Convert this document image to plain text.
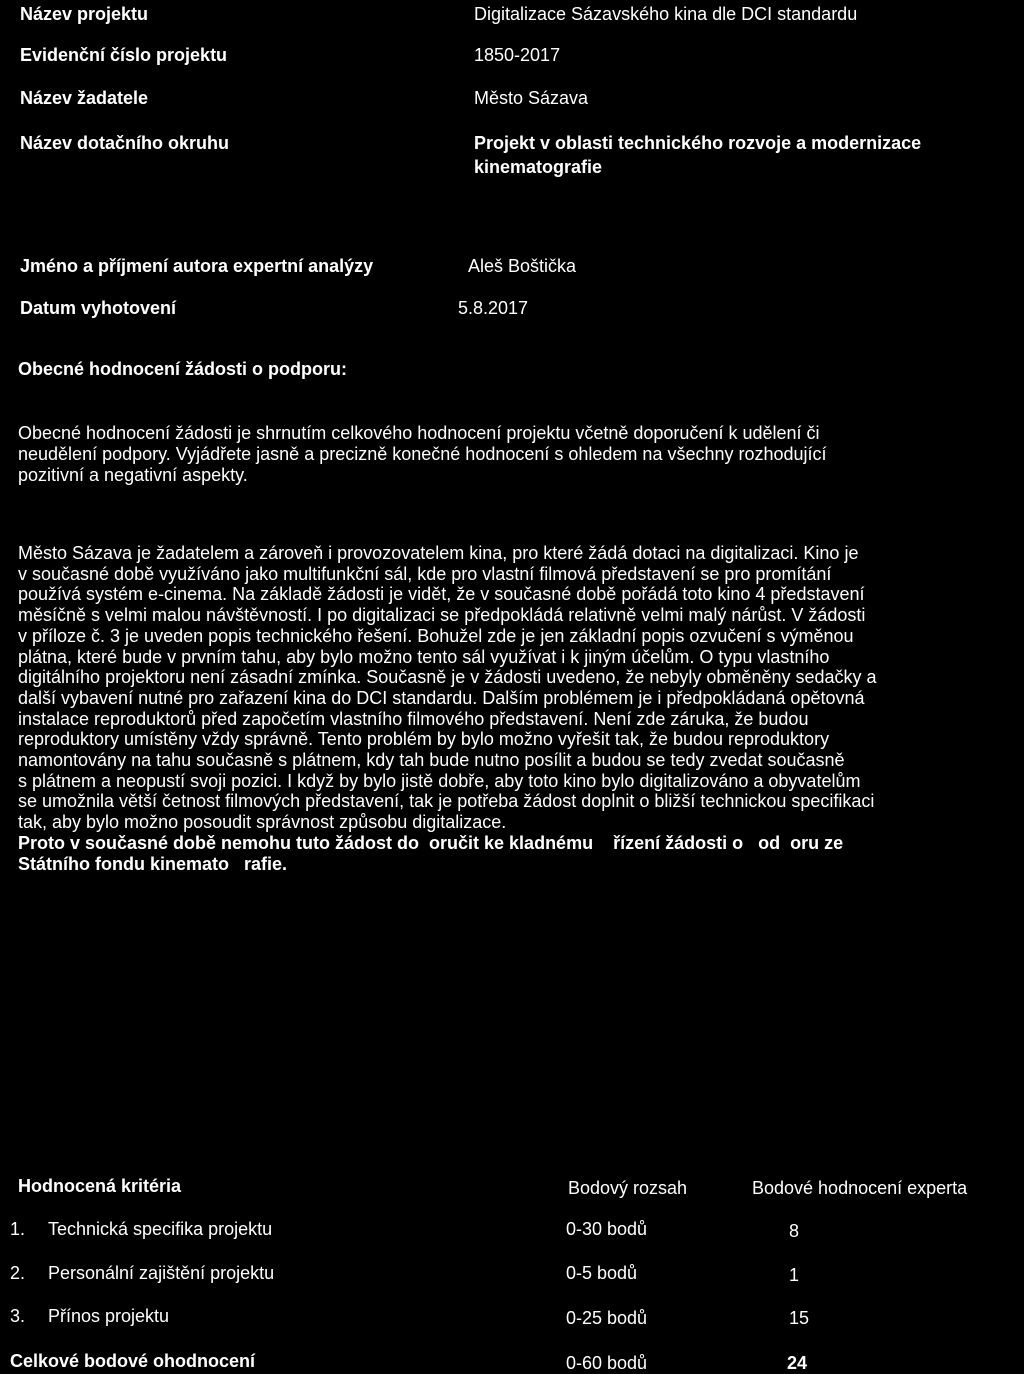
Název projektu	Digitalizace Sázavského kina dle DCI standardu
Evidenční číslo projektu	1850-2017
Název žadatele	Město Sázava
Název dotačního okruhu	Projekt v oblasti technického rozvoje a modernizace
kinematografie
Jméno a příjmení autora expertní analýzy	Aleš Boštička
Datum vyhotovení	5.8.2017
Obecné hodnocení žádosti o podporu:
Obecné hodnocení žádosti je shrnutím celkového hodnocení projektu včetně doporučení k udělení či
neudělení podpory. Vyjádřete jasně a precizně konečné hodnocení s ohledem na všechny rozhodující
pozitivní a negativní aspekty.
Město Sázava je žadatelem a zároveň i provozovatelem kina, pro které žádá dotaci na digitalizaci. Kino je
v současné době využíváno jako multifunkční sál, kde pro vlastní filmová představení se pro promítání
používá systém e-cinema. Na základě žádosti je vidět, že v současné době pořádá toto kino 4 představení
měsíčně s velmi malou návštěvností. I po digitalizaci se předpokládá relativně velmi malý nárůst. V žádosti
v příloze č. 3 je uveden popis technického řešení. Bohužel zde je jen základní popis ozvučení s výměnou
plátna, které bude v prvním tahu, aby bylo možno tento sál využívat i k jiným účelům. O typu vlastního
digitálního projektoru není zásadní zmínka. Současně je v žádosti uvedeno, že nebyly obměněny sedačky a
další vybavení nutné pro zařazení kina do DCI standardu. Dalším problémem je i předpokládaná opětovná
instalace reproduktorů před započetím vlastního filmového představení. Není zde záruka, že budou
reproduktory umístěny vždy správně. Tento problém by bylo možno vyřešit tak, že budou reproduktory
namontovány na tahu současně s plátnem, kdy tah bude nutno posílit a budou se tedy zvedat současně
s plátnem a neopustí svoji pozici. I když by bylo jistě dobře, aby toto kino bylo digitalizováno a obyvatelům
se umožnila větší četnost filmových představení, tak je potřeba žádost doplnit o bližší technickou specifikaci
tak, aby bylo možno posoudit správnost způsobu digitalizace.
Proto v současné době nemohu tuto žádost do  oručit ke kladnému    řízení žádosti o   od  oru ze
Státního fondu kinemato   rafie.
Hodnocená kritéria	Bodový rozsah	Bodové hodnocení experta
1. Technická specifika projektu	0-30 bodů	8
2. Personální zajištění projektu	0-5 bodů	1
3. Přínos projektu	0-25 bodů	15
Celkové bodové ohodnocení	0-60 bodů	24
